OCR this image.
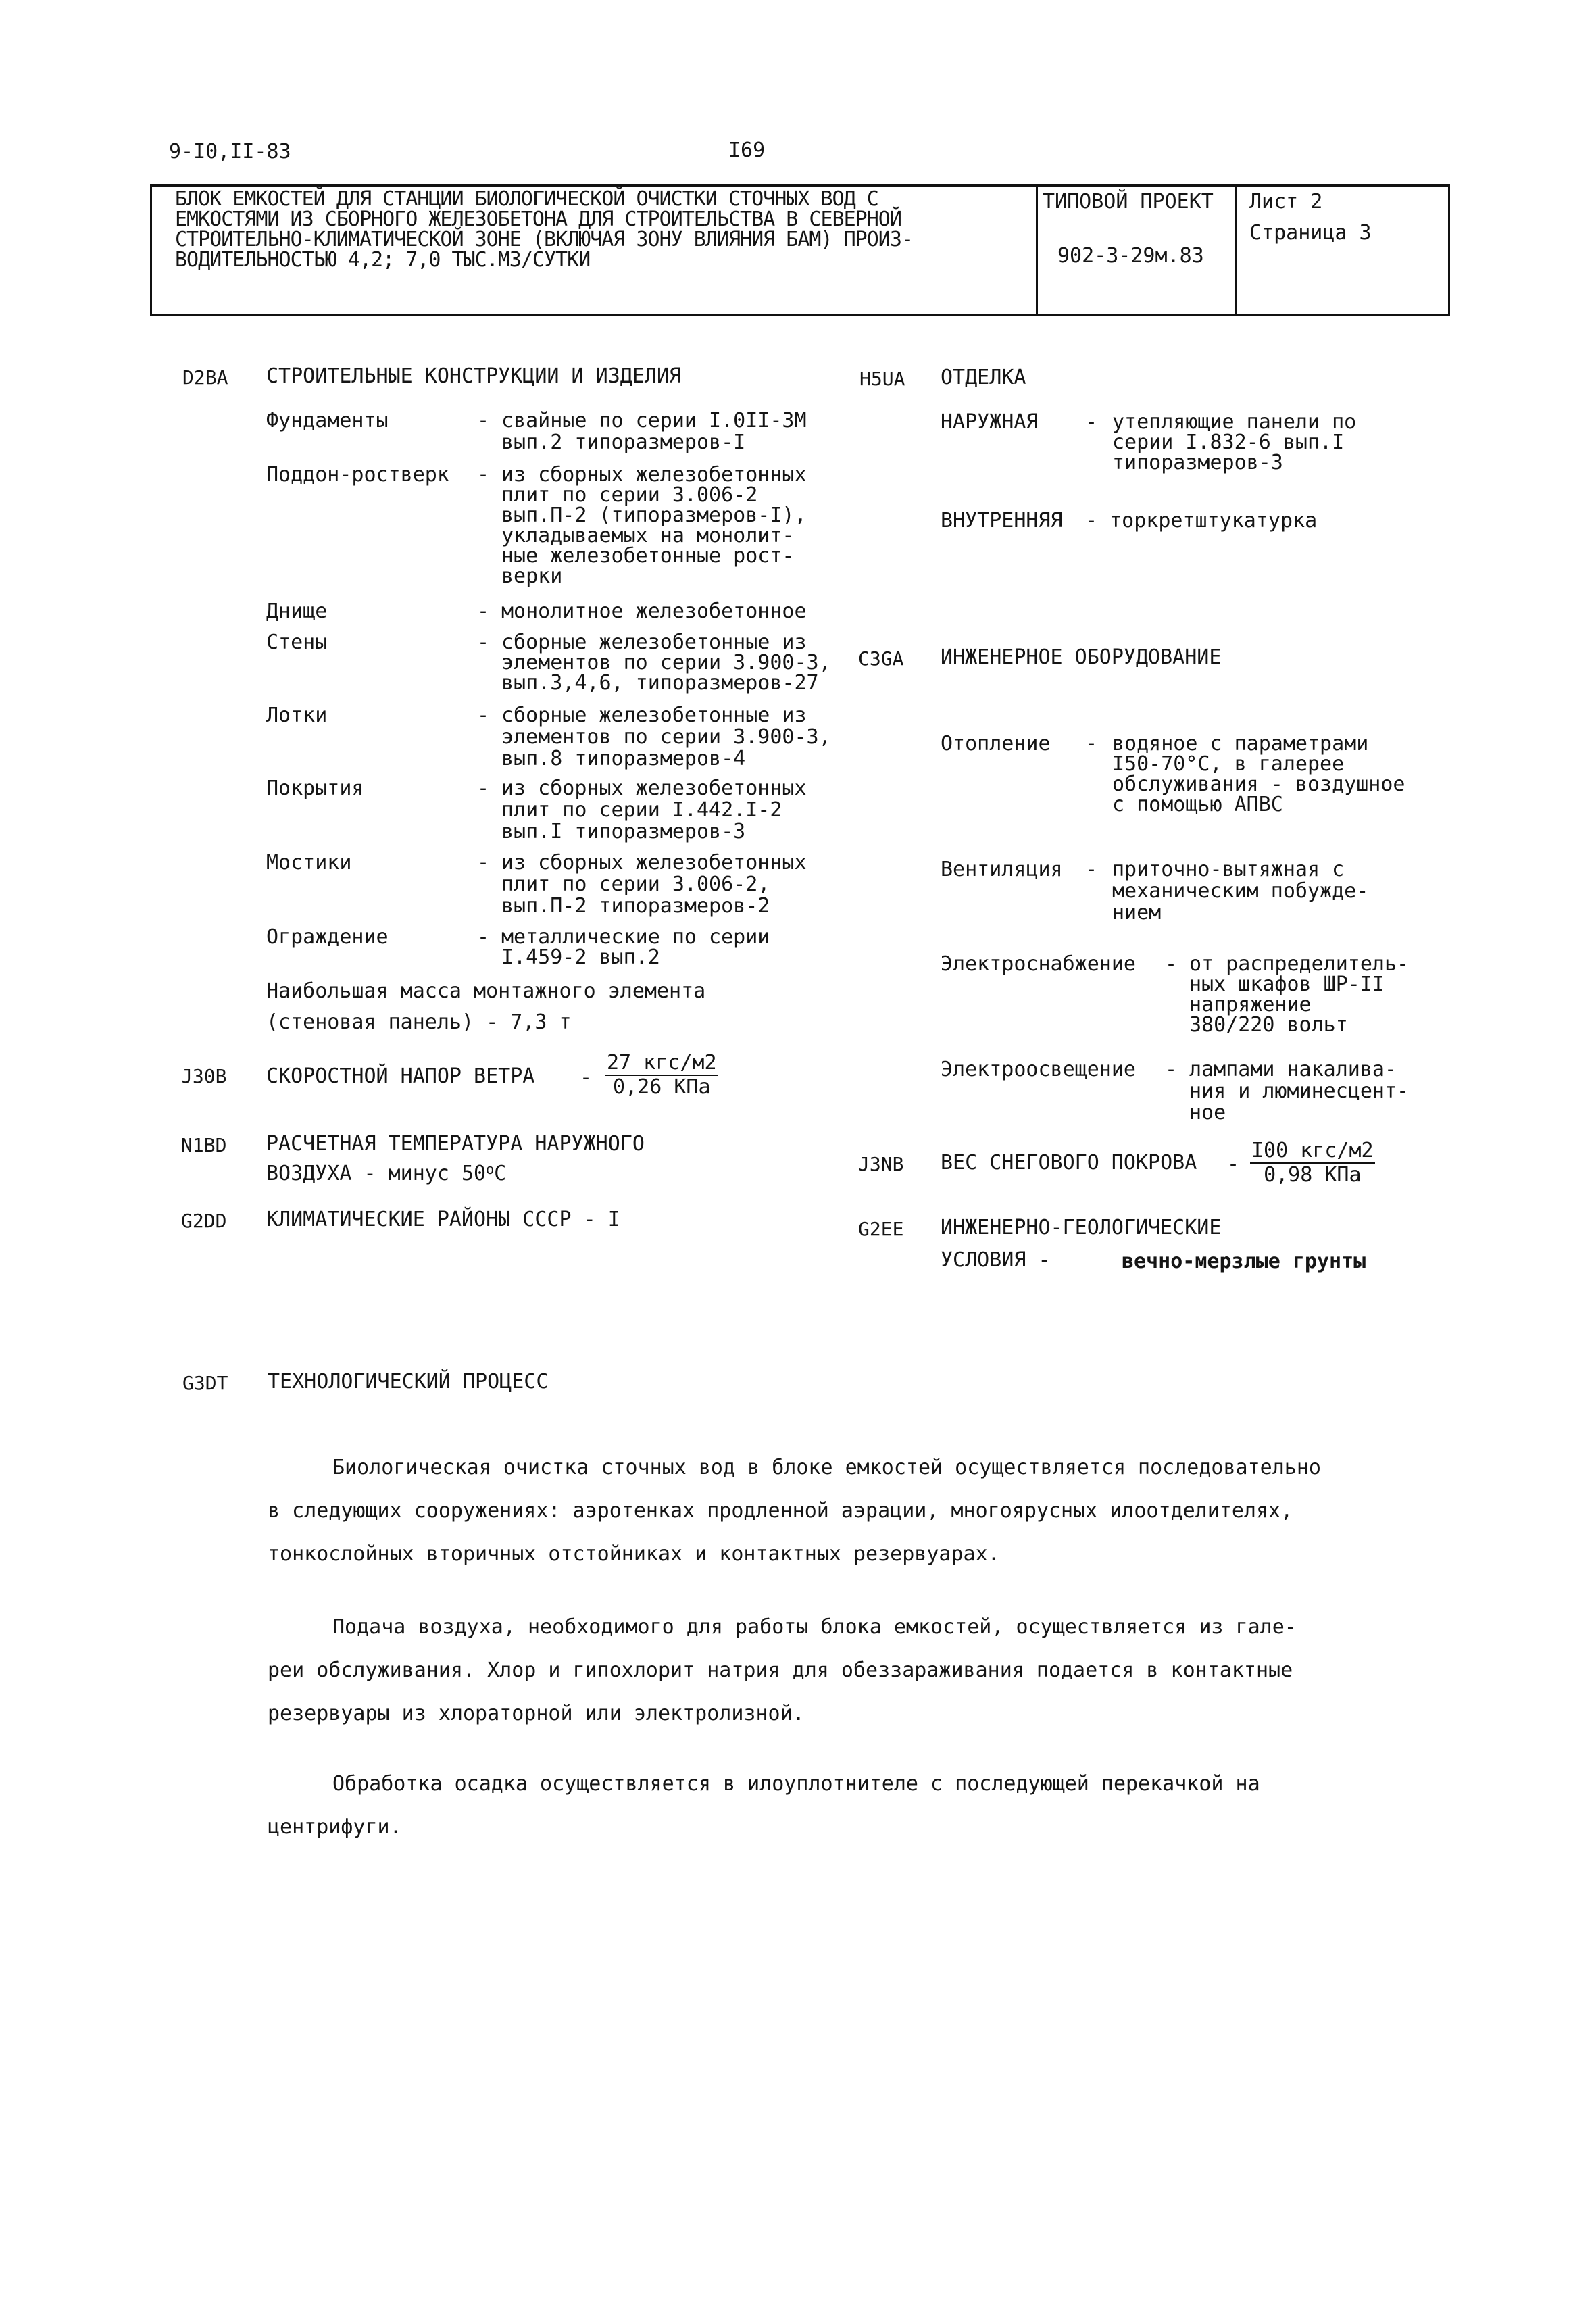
9-I0,II-83	I69
БЛОК ЕМКОСТЕЙ ДЛЯ СТАНЦИИ БИОЛОГИЧЕСКОЙ ОЧИСТКИ СТОЧНЫХ ВОД С
ЕМКОСТЯМИ ИЗ СБОРНОГО ЖЕЛЕЗОБЕТОНА ДЛЯ СТРОИТЕЛЬСТВА В СЕВЕРНОЙ
СТРОИТЕЛЬНО-КЛИМАТИЧЕСКОЙ ЗОНЕ (ВКЛЮЧАЯ ЗОНУ ВЛИЯНИЯ БАМ) ПРОИЗ-
ВОДИТЕЛЬНОСТЬЮ 4,2; 7,0 ТЫС.М3/СУТКИ
ТИПОВОЙ ПРОЕКТ
902-3-29м.83
Лист 2
Страница 3
D2BA СТРОИТЕЛЬНЫЕ КОНСТРУКЦИИ И ИЗДЕЛИЯ
Фундаменты	- свайные по серии I.0II-3M
вып.2 типоразмеров-I
Поддон-ростверк - из сборных железобетонных
плит по серии 3.006-2
вып.П-2 (типоразмеров-I),
укладываемых на монолит-
ные железобетонные рост-
верки
Днище	- монолитное железобетонное
Стены	- сборные железобетонные из
элементов по серии 3.900-3,
вып.3,4,6, типоразмеров-27
Лотки	- сборные железобетонные из
элементов по серии 3.900-3,
вып.8 типоразмеров-4
Покрытия	- из сборных железобетонных
плит по серии I.442.I-2
вып.I типоразмеров-3
Мостики	- из сборных железобетонных
плит по серии 3.006-2,
вып.П-2 типоразмеров-2
Ограждение	- металлические по серии
I.459-2 вып.2
Наибольшая масса монтажного элемента
(стеновая панель) - 7,3 т
J30B СКОРОСТНОЙ НАПОР ВЕТРА - $\frac{\text{27 кгс/м2}}{\text{0,26 КПа}}$
N1BD РАСЧЕТНАЯ ТЕМПЕРАТУРА НАРУЖНОГО
ВОЗДУХА - минус $50^оС$
G2DD КЛИМАТИЧЕСКИЕ РАЙОНЫ СССР - I
H5UA ОТДЕЛКА
НАРУЖНАЯ - утепляющие панели по
серии I.832-6 вып.I
типоразмеров-3
ВНУТРЕННЯЯ - торкретштукатурка
C3GA ИНЖЕНЕРНОЕ ОБОРУДОВАНИЕ
Отопление - водяное с параметрами
I50-70°С, в галерее
обслуживания - воздушное
с помощью АПВС
Вентиляция - приточно-вытяжная с
механическим побужде-
нием
Электроснабжение - от распределитель-
ных шкафов ШР-II
напряжение
380/220 вольт
Электроосвещение - лампами накалива-
ния и люминесцент-
ное
J3NB ВЕС СНЕГОВОГО ПОКРОВА - $\frac{\text{I00 кгс/м2}}{\text{0,98 КПа}}$
G2EE ИНЖЕНЕРНО-ГЕОЛОГИЧЕСКИЕ
УСЛОВИЯ -	вечно-мерзлые грунты
G3DT ТЕХНОЛОГИЧЕСКИЙ ПРОЦЕСС
Биологическая очистка сточных вод в блоке емкостей осуществляется последовательно
в следующих сооружениях: аэротенках продленной аэрации, многоярусных илоотделителях,
тонкослойных вторичных отстойниках и контактных резервуарах.
Подача воздуха, необходимого для работы блока емкостей, осуществляется из гале-
реи обслуживания. Хлор и гипохлорит натрия для обеззараживания подается в контактные
резервуары из хлораторной или электролизной.
Обработка осадка осуществляется в илоуплотнителе с последующей перекачкой на
центрифуги.
